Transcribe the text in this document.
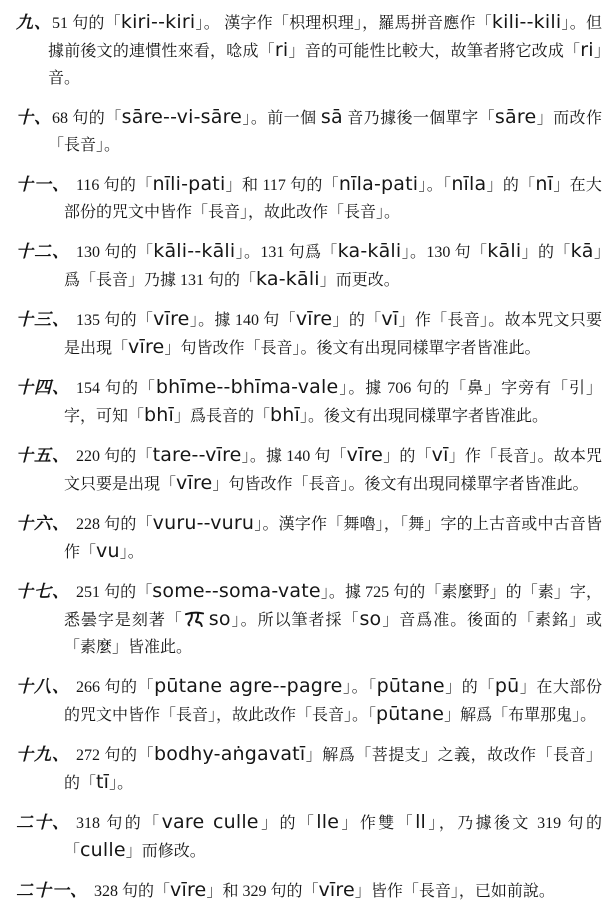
九、51 句的「kiri--kiri」。 漢字作「枳理枳理」，羅馬拼音應作「kili--kili」。但據前後文的連慣性來看，唸成「ri」音的可能性比較大，故筆者將它改成「ri」音。
十、68 句的「sāre--vi-sāre」。前一個 sā 音乃據後一個單字「sāre」而改作「長音」。
十一、 116 句的「nīli-pati」和 117 句的「nīla-pati」。「nīla」的「nī」在大部份的咒文中皆作「長音」，故此改作「長音」。
十二、 130 句的「kāli--kāli」。131 句爲「ka-kāli」。130 句「kāli」的「kā」爲「長音」乃據 131 句的「ka-kāli」而更改。
十三、 135 句的「vīre」。據 140 句「vīre」的「vī」作「長音」。故本咒文只要是出現「vīre」句皆改作「長音」。後文有出現同樣單字者皆准此。
十四、 154 句的「bhīme--bhīma-vale」。據 706 句的「鼻」字旁有「引」字，可知「bhī」爲長音的「bhī」。後文有出現同樣單字者皆准此。
十五、 220 句的「tare--vīre」。據 140 句「vīre」的「vī」作「長音」。故本咒文只要是出現「vīre」句皆改作「長音」。後文有出現同樣單字者皆准此。
十六、 228 句的「vuru--vuru」。漢字作「舞嚕」，「舞」字的上古音或中古音皆作「vu」。
十七、 251 句的「some--soma-vate」。據 725 句的「素麼野」的「素」字，悉曇字是刻著「 so」。所以筆者採「so」音爲准。後面的「素銘」或「素麼」皆准此。
十八、 266 句的「pūtane agre--pagre」。「pūtane」的「pū」在大部份的咒文中皆作「長音」，故此改作「長音」。「pūtane」解爲「布單那鬼」。
十九、 272 句的「bodhy-aṅgavatī」解爲「菩提支」之義，故改作「長音」的「tī」。
二十、 318 句的「vare culle」的「lle」作雙「ll」，乃據後文 319 句的「culle」而修改。
二十一、 328 句的「vīre」和 329 句的「vīre」皆作「長音」，已如前說。
